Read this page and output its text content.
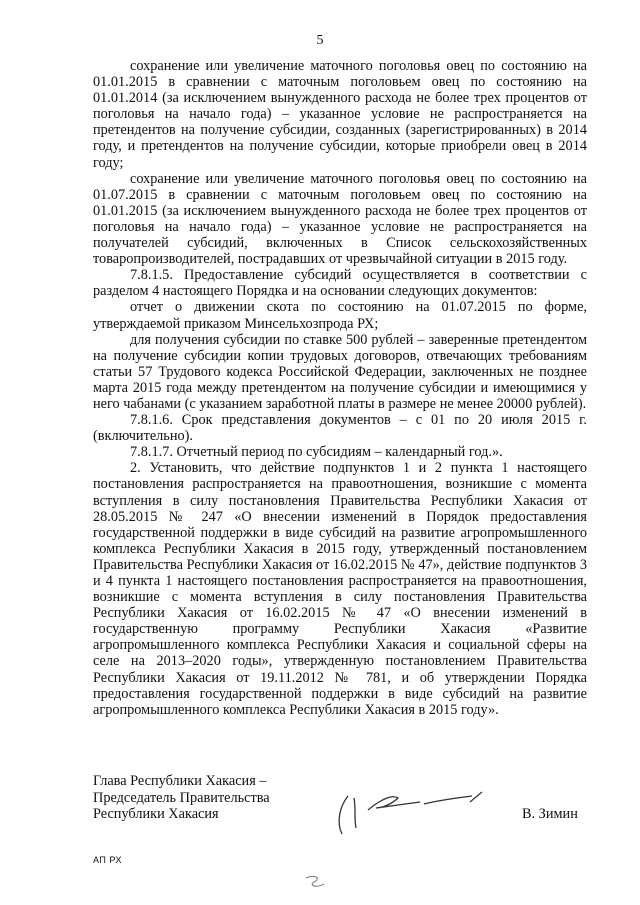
5

сохранение или увеличение маточного поголовья овец по состоянию на 01.01.2015 в сравнении с маточным поголовьем овец по состоянию на 01.01.2014 (за исключением вынужденного расхода не более трех процентов от поголовья на начало года) – указанное условие не распространяется на претендентов на получение субсидии, созданных (зарегистрированных) в 2014 году, и претендентов на получение субсидии, которые приобрели овец в 2014 году;

сохранение или увеличение маточного поголовья овец по состоянию на 01.07.2015 в сравнении с маточным поголовьем овец по состоянию на 01.01.2015 (за исключением вынужденного расхода не более трех процентов от поголовья на начало года) – указанное условие не распространяется на получателей субсидий, включенных в Список сельскохозяйственных товаропроизводителей, пострадавших от чрезвычайной ситуации в 2015 году.

7.8.1.5. Предоставление субсидий осуществляется в соответствии с разделом 4 настоящего Порядка и на основании следующих документов:

отчет о движении скота по состоянию на 01.07.2015 по форме, утверждаемой приказом Минсельхозпрода РХ;

для получения субсидии по ставке 500 рублей – заверенные претендентом на получение субсидии копии трудовых договоров, отвечающих требованиям статьи 57 Трудового кодекса Российской Федерации, заключенных не позднее марта 2015 года между претендентом на получение субсидии и имеющимися у него чабанами (с указанием заработной платы в размере не менее 20000 рублей).

7.8.1.6. Срок представления документов – с 01 по 20 июля 2015 г. (включительно).

7.8.1.7. Отчетный период по субсидиям – календарный год.».

2. Установить, что действие подпунктов 1 и 2 пункта 1 настоящего постановления распространяется на правоотношения, возникшие с момента вступления в силу постановления Правительства Республики Хакасия от 28.05.2015 № 247 «О внесении изменений в Порядок предоставления государственной поддержки в виде субсидий на развитие агропромышленного комплекса Республики Хакасия в 2015 году, утвержденный постановлением Правительства Республики Хакасия от 16.02.2015 № 47», действие подпунктов 3 и 4 пункта 1 настоящего постановления распространяется на правоотношения, возникшие с момента вступления в силу постановления Правительства Республики Хакасия от 16.02.2015 № 47 «О внесении изменений в государственную программу Республики Хакасия «Развитие агропромышленного комплекса Республики Хакасия и социальной сферы на селе на 2013–2020 годы», утвержденную постановлением Правительства Республики Хакасия от 19.11.2012 № 781, и об утверждении Порядка предоставления государственной поддержки в виде субсидий на развитие агропромышленного комплекса Республики Хакасия в 2015 году».

Глава Республики Хакасия –
Председатель Правительства
Республики Хакасия	В. Зимин
АП РХ
